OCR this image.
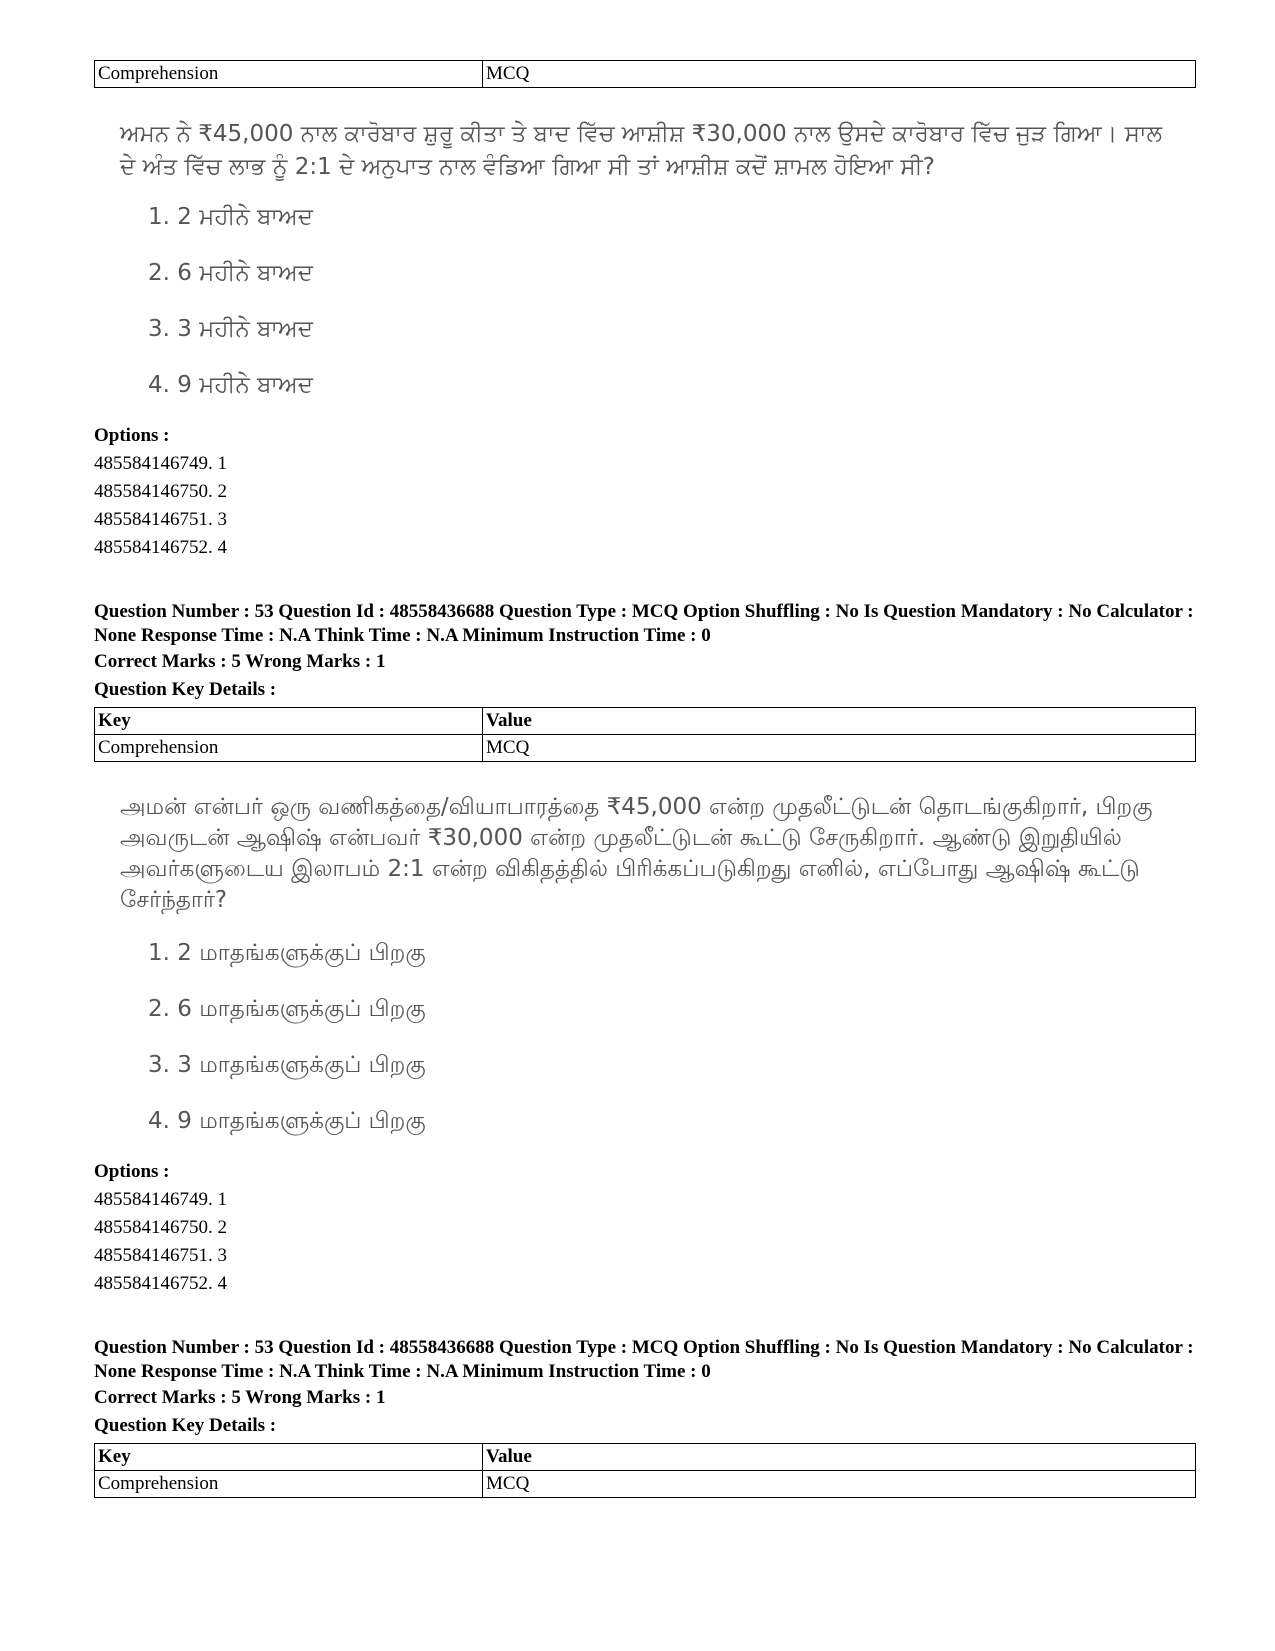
Comprehension	MCQ
ਅਮਨ ਨੇ ₹45,000 ਨਾਲ ਕਾਰੋਬਾਰ ਸ਼ੁਰੂ ਕੀਤਾ ਤੇ ਬਾਦ ਵਿੱਚ ਆਸ਼ੀਸ਼ ₹30,000 ਨਾਲ ਉਸਦੇ ਕਾਰੋਬਾਰ ਵਿੱਚ ਜੁੜ ਗਿਆ। ਸਾਲ ਦੇ ਅੰਤ ਵਿੱਚ ਲਾਭ ਨੂੰ 2:1 ਦੇ ਅਨੁਪਾਤ ਨਾਲ ਵੰਡਿਆ ਗਿਆ ਸੀ ਤਾਂ ਆਸ਼ੀਸ਼ ਕਦੋਂ ਸ਼ਾਮਲ ਹੋਇਆ ਸੀ?
1. 2 ਮਹੀਨੇ ਬਾਅਦ
2. 6 ਮਹੀਨੇ ਬਾਅਦ
3. 3 ਮਹੀਨੇ ਬਾਅਦ
4. 9 ਮਹੀਨੇ ਬਾਅਦ
Options :
485584146749. 1
485584146750. 2
485584146751. 3
485584146752. 4
Question Number : 53 Question Id : 48558436688 Question Type : MCQ Option Shuffling : No Is Question Mandatory : No Calculator : None Response Time : N.A Think Time : N.A Minimum Instruction Time : 0
Correct Marks : 5 Wrong Marks : 1
Question Key Details :
Key	Value
Comprehension	MCQ
அமன் என்பர் ஒரு வணிகத்தை/வியாபாரத்தை ₹45,000 என்ற முதலீட்டுடன் தொடங்குகிறார், பிறகு அவருடன் ஆஷிஷ் என்பவர் ₹30,000 என்ற முதலீட்டுடன் கூட்டு சேருகிறார். ஆண்டு இறுதியில் அவர்களுடைய இலாபம் 2:1 என்ற விகிதத்தில் பிரிக்கப்படுகிறது எனில், எப்போது ஆஷிஷ் கூட்டு சேர்ந்தார்?
1. 2 மாதங்களுக்குப் பிறகு
2. 6 மாதங்களுக்குப் பிறகு
3. 3 மாதங்களுக்குப் பிறகு
4. 9 மாதங்களுக்குப் பிறகு
Options :
485584146749. 1
485584146750. 2
485584146751. 3
485584146752. 4
Question Number : 53 Question Id : 48558436688 Question Type : MCQ Option Shuffling : No Is Question Mandatory : No Calculator : None Response Time : N.A Think Time : N.A Minimum Instruction Time : 0
Correct Marks : 5 Wrong Marks : 1
Question Key Details :
Key	Value
Comprehension	MCQ
